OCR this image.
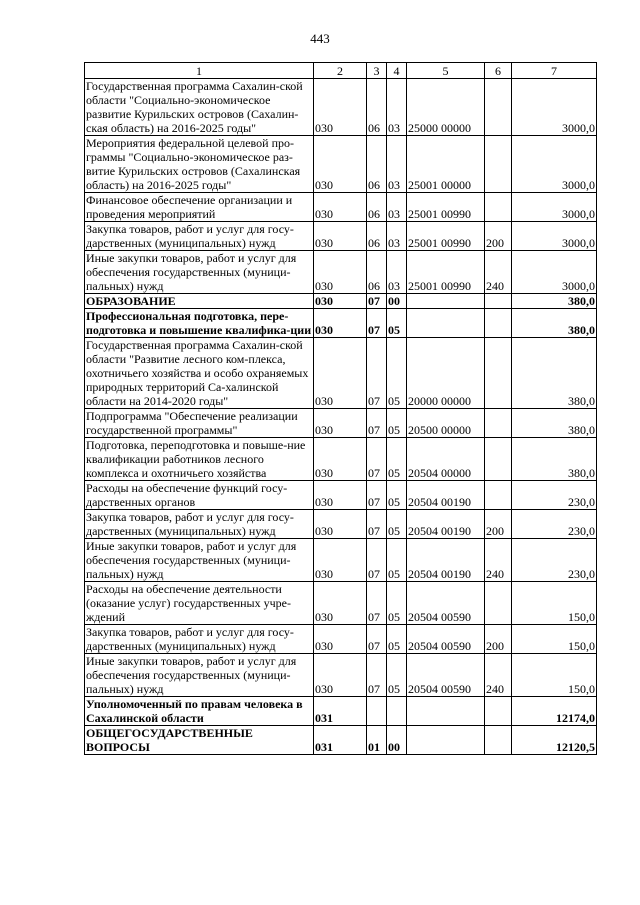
443
1	2	3	4	5	6	7
Государственная программа Сахалин-ской области "Социально-экономическое развитие Курильских островов (Сахалин-ская область) на 2016-2025 годы"	030	06	03	25000 00000		3000,0
Мероприятия федеральной целевой про-граммы "Социально-экономическое раз-витие Курильских островов (Сахалинская область) на 2016-2025 годы"	030	06	03	25001 00000		3000,0
Финансовое обеспечение организации и проведения мероприятий	030	06	03	25001 00990		3000,0
Закупка товаров, работ и услуг для госу-дарственных (муниципальных) нужд	030	06	03	25001 00990	200	3000,0
Иные закупки товаров, работ и услуг для обеспечения государственных (муници-пальных) нужд	030	06	03	25001 00990	240	3000,0
ОБРАЗОВАНИЕ	030	07	00			380,0
Профессиональная подготовка, пере-подготовка и повышение квалифика-ции	030	07	05			380,0
Государственная программа Сахалин-ской области "Развитие лесного ком-плекса, охотничьего хозяйства и особо охраняемых природных территорий Са-халинской области на 2014-2020 годы"	030	07	05	20000 00000		380,0
Подпрограмма "Обеспечение реализации государственной программы"	030	07	05	20500 00000		380,0
Подготовка, переподготовка и повыше-ние квалификации работников лесного комплекса и охотничьего хозяйства	030	07	05	20504 00000		380,0
Расходы на обеспечение функций госу-дарственных органов	030	07	05	20504 00190		230,0
Закупка товаров, работ и услуг для госу-дарственных (муниципальных) нужд	030	07	05	20504 00190	200	230,0
Иные закупки товаров, работ и услуг для обеспечения государственных (муници-пальных) нужд	030	07	05	20504 00190	240	230,0
Расходы на обеспечение деятельности (оказание услуг) государственных учре-ждений	030	07	05	20504 00590		150,0
Закупка товаров, работ и услуг для госу-дарственных (муниципальных) нужд	030	07	05	20504 00590	200	150,0
Иные закупки товаров, работ и услуг для обеспечения государственных (муници-пальных) нужд	030	07	05	20504 00590	240	150,0
Уполномоченный по правам человека в Сахалинской области	031					12174,0
ОБЩЕГОСУДАРСТВЕННЫЕ ВОПРОСЫ	031	01	00			12120,5
